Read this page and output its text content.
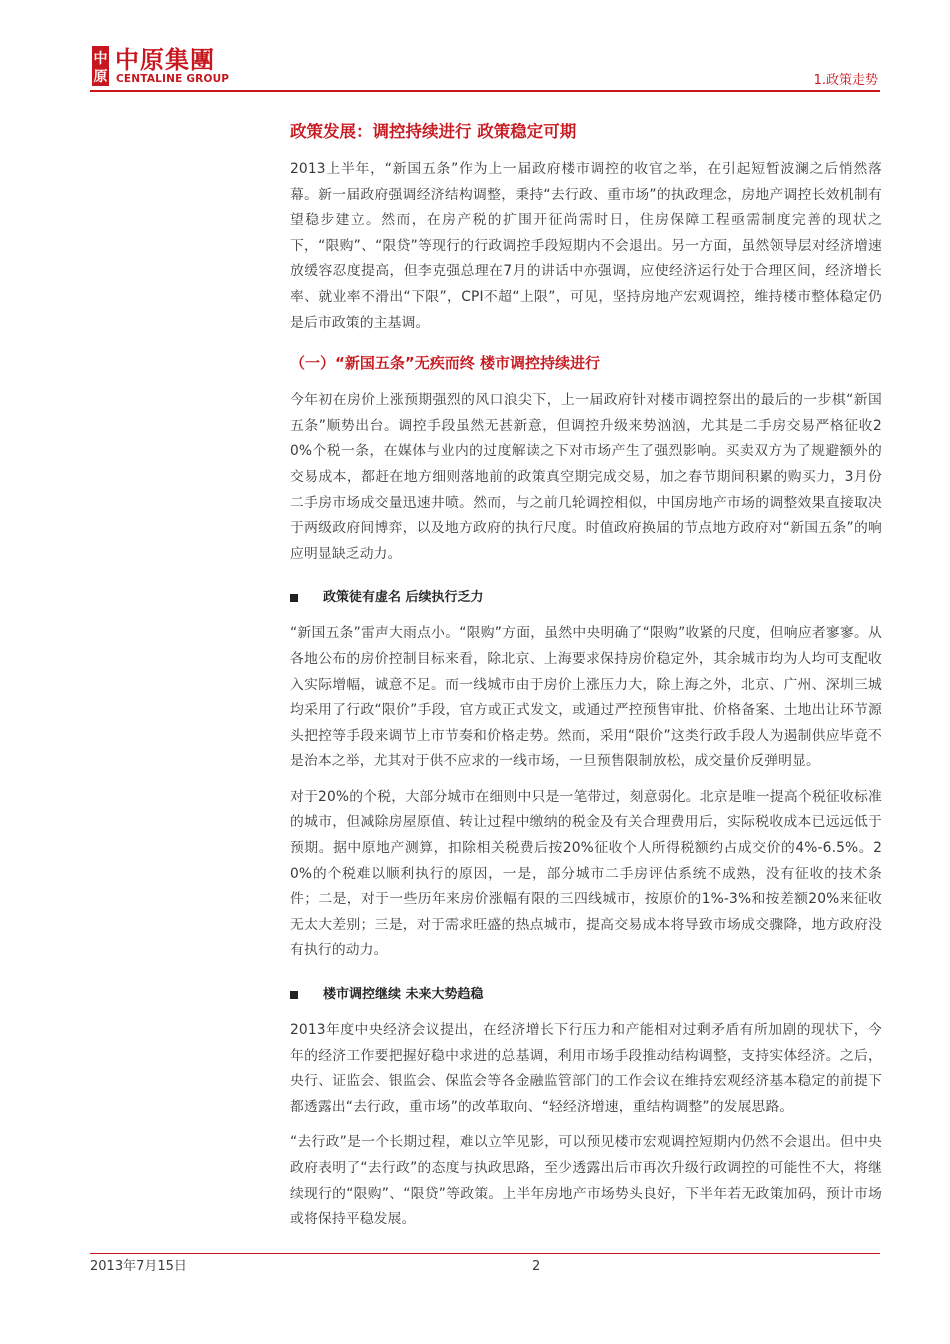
中
原
中原集團
CENTALINE GROUP	1.政策走势
政策发展：调控持续进行 政策稳定可期

2013上半年，“新国五条”作为上一届政府楼市调控的收官之举，在引起短暂波澜之后悄然落幕。新一届政府强调经济结构调整，秉持“去行政、重市场”的执政理念，房地产调控长效机制有望稳步建立。然而，在房产税的扩围开征尚需时日，住房保障工程亟需制度完善的现状之下，“限购”、“限贷”等现行的行政调控手段短期内不会退出。另一方面，虽然领导层对经济增速放缓容忍度提高，但李克强总理在7月的讲话中亦强调，应使经济运行处于合理区间，经济增长率、就业率不滑出“下限”，CPI不超“上限”，可见，坚持房地产宏观调控，维持楼市整体稳定仍是后市政策的主基调。

（一）“新国五条”无疾而终 楼市调控持续进行

今年初在房价上涨预期强烈的风口浪尖下，上一届政府针对楼市调控祭出的最后的一步棋“新国五条”顺势出台。调控手段虽然无甚新意，但调控升级来势汹汹，尤其是二手房交易严格征收20%个税一条，在媒体与业内的过度解读之下对市场产生了强烈影响。买卖双方为了规避额外的交易成本，都赶在地方细则落地前的政策真空期完成交易，加之春节期间积累的购买力，3月份二手房市场成交量迅速井喷。然而，与之前几轮调控相似，中国房地产市场的调整效果直接取决于两级政府间博弈，以及地方政府的执行尺度。时值政府换届的节点地方政府对“新国五条”的响应明显缺乏动力。

政策徒有虚名 后续执行乏力

“新国五条”雷声大雨点小。“限购”方面，虽然中央明确了“限购”收紧的尺度，但响应者寥寥。从各地公布的房价控制目标来看，除北京、上海要求保持房价稳定外，其余城市均为人均可支配收入实际增幅，诚意不足。而一线城市由于房价上涨压力大，除上海之外，北京、广州、深圳三城均采用了行政“限价”手段，官方或正式发文，或通过严控预售审批、价格备案、土地出让环节源头把控等手段来调节上市节奏和价格走势。然而，采用“限价”这类行政手段人为遏制供应毕竟不是治本之举，尤其对于供不应求的一线市场，一旦预售限制放松，成交量价反弹明显。

对于20%的个税，大部分城市在细则中只是一笔带过，刻意弱化。北京是唯一提高个税征收标准的城市，但减除房屋原值、转让过程中缴纳的税金及有关合理费用后，实际税收成本已远远低于预期。据中原地产测算，扣除相关税费后按20%征收个人所得税额约占成交价的4%-6.5%。20%的个税难以顺利执行的原因，一是，部分城市二手房评估系统不成熟，没有征收的技术条件；二是，对于一些历年来房价涨幅有限的三四线城市，按原价的1%-3%和按差额20%来征收无太大差别；三是，对于需求旺盛的热点城市，提高交易成本将导致市场成交骤降，地方政府没有执行的动力。

楼市调控继续 未来大势趋稳

2013年度中央经济会议提出，在经济增长下行压力和产能相对过剩矛盾有所加剧的现状下，今年的经济工作要把握好稳中求进的总基调，利用市场手段推动结构调整，支持实体经济。之后，央行、证监会、银监会、保监会等各金融监管部门的工作会议在维持宏观经济基本稳定的前提下都透露出“去行政，重市场”的改革取向、“轻经济增速，重结构调整”的发展思路。

“去行政”是一个长期过程，难以立竿见影，可以预见楼市宏观调控短期内仍然不会退出。但中央政府表明了“去行政”的态度与执政思路，至少透露出后市再次升级行政调控的可能性不大，将继续现行的“限购”、“限贷”等政策。上半年房地产市场势头良好，下半年若无政策加码，预计市场或将保持平稳发展。

2013年7月15日	2
